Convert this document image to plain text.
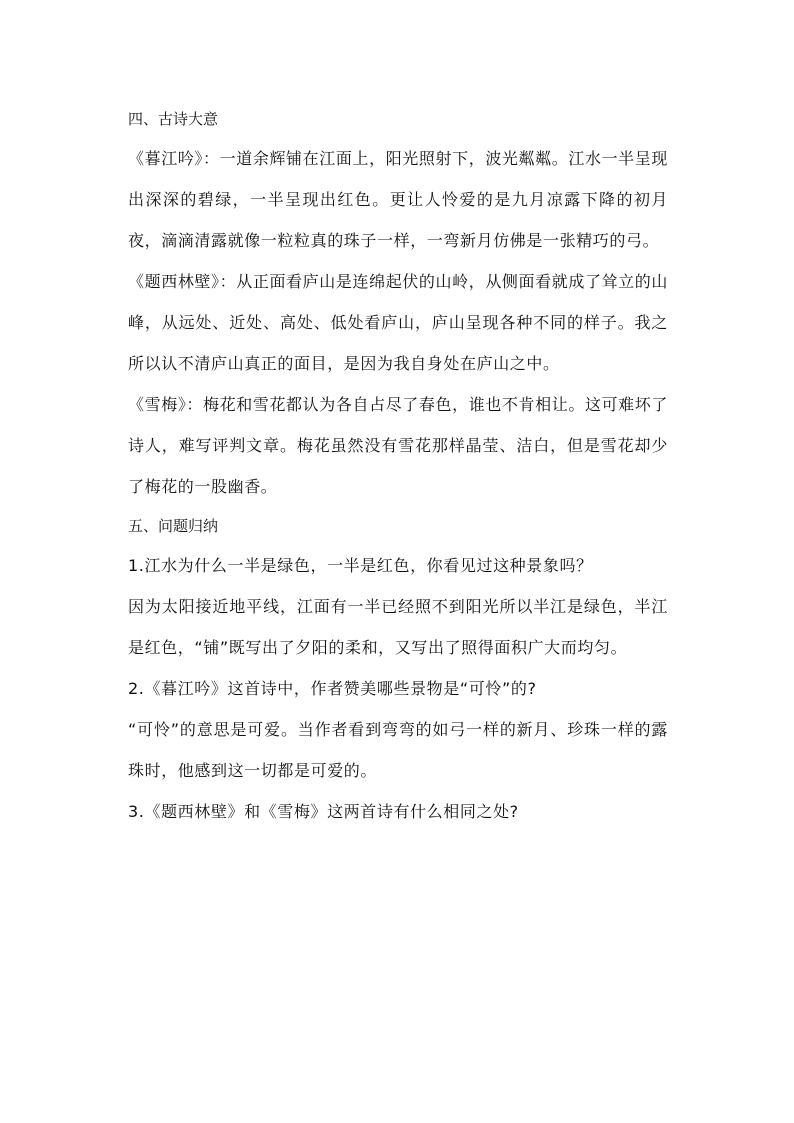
四、古诗大意

《暮江吟》：一道余辉铺在江面上，阳光照射下，波光粼粼。江水一半呈现出深深的碧绿，一半呈现出红色。更让人怜爱的是九月凉露下降的初月夜，滴滴清露就像一粒粒真的珠子一样，一弯新月仿佛是一张精巧的弓。

《题西林壁》：从正面看庐山是连绵起伏的山岭，从侧面看就成了耸立的山峰，从远处、近处、高处、低处看庐山，庐山呈现各种不同的样子。我之所以认不清庐山真正的面目，是因为我自身处在庐山之中。

《雪梅》：梅花和雪花都认为各自占尽了春色，谁也不肯相让。这可难坏了诗人，难写评判文章。梅花虽然没有雪花那样晶莹、洁白，但是雪花却少了梅花的一股幽香。

五、问题归纳

1.江水为什么一半是绿色，一半是红色，你看见过这种景象吗？

因为太阳接近地平线，江面有一半已经照不到阳光所以半江是绿色，半江是红色，“铺”既写出了夕阳的柔和，又写出了照得面积广大而均匀。

2.《暮江吟》这首诗中，作者赞美哪些景物是“可怜”的?

“可怜”的意思是可爱。当作者看到弯弯的如弓一样的新月、珍珠一样的露珠时，他感到这一切都是可爱的。

3.《题西林壁》和《雪梅》这两首诗有什么相同之处?
